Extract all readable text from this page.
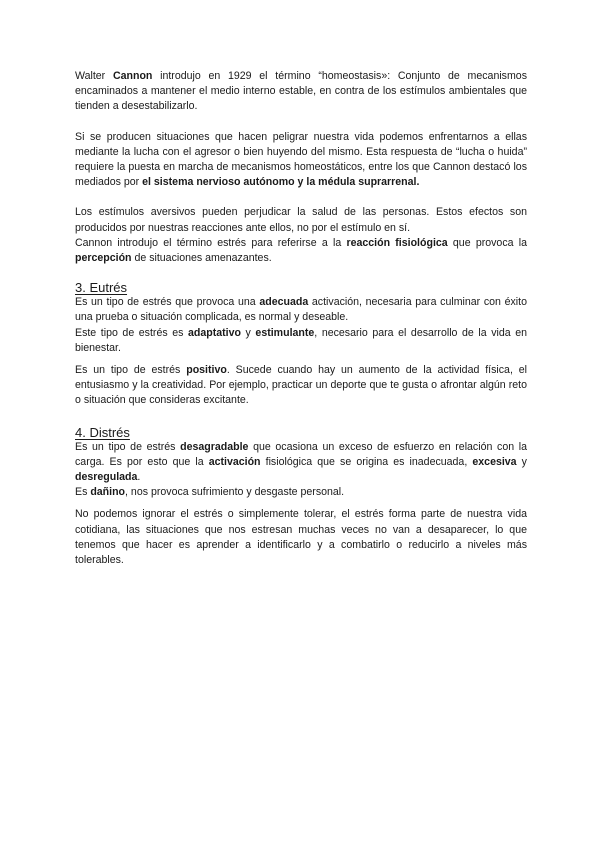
Walter Cannon introdujo en 1929 el término “homeostasis»: Conjunto de mecanismos encaminados a mantener el medio interno estable, en contra de los estímulos ambientales que tienden a desestabilizarlo.

Si se producen situaciones que hacen peligrar nuestra vida podemos enfrentarnos a ellas mediante la lucha con el agresor o bien huyendo del mismo. Esta respuesta de “lucha o huida” requiere la puesta en marcha de mecanismos homeostáticos, entre los que Cannon destacó los mediados por el sistema nervioso autónomo y la médula suprarrenal.

Los estímulos aversivos pueden perjudicar la salud de las personas. Estos efectos son producidos por nuestras reacciones ante ellos, no por el estímulo en sí.

Cannon introdujo el término estrés para referirse a la reacción fisiológica que provoca la percepción de situaciones amenazantes.

3. Eutrés

Es un tipo de estrés que provoca una adecuada activación, necesaria para culminar con éxito una prueba o situación complicada, es normal y deseable.

Este tipo de estrés es adaptativo y estimulante, necesario para el desarrollo de la vida en bienestar.

Es un tipo de estrés positivo. Sucede cuando hay un aumento de la actividad física, el entusiasmo y la creatividad. Por ejemplo, practicar un deporte que te gusta o afrontar algún reto o situación que consideras excitante.

4. Distrés

Es un tipo de estrés desagradable que ocasiona un exceso de esfuerzo en relación con la carga. Es por esto que la activación fisiológica que se origina es inadecuada, excesiva y desregulada.

Es dañino, nos provoca sufrimiento y desgaste personal.

No podemos ignorar el estrés o simplemente tolerar, el estrés forma parte de nuestra vida cotidiana, las situaciones que nos estresan muchas veces no van a desaparecer, lo que tenemos que hacer es aprender a identificarlo y a combatirlo o reducirlo a niveles más tolerables.
